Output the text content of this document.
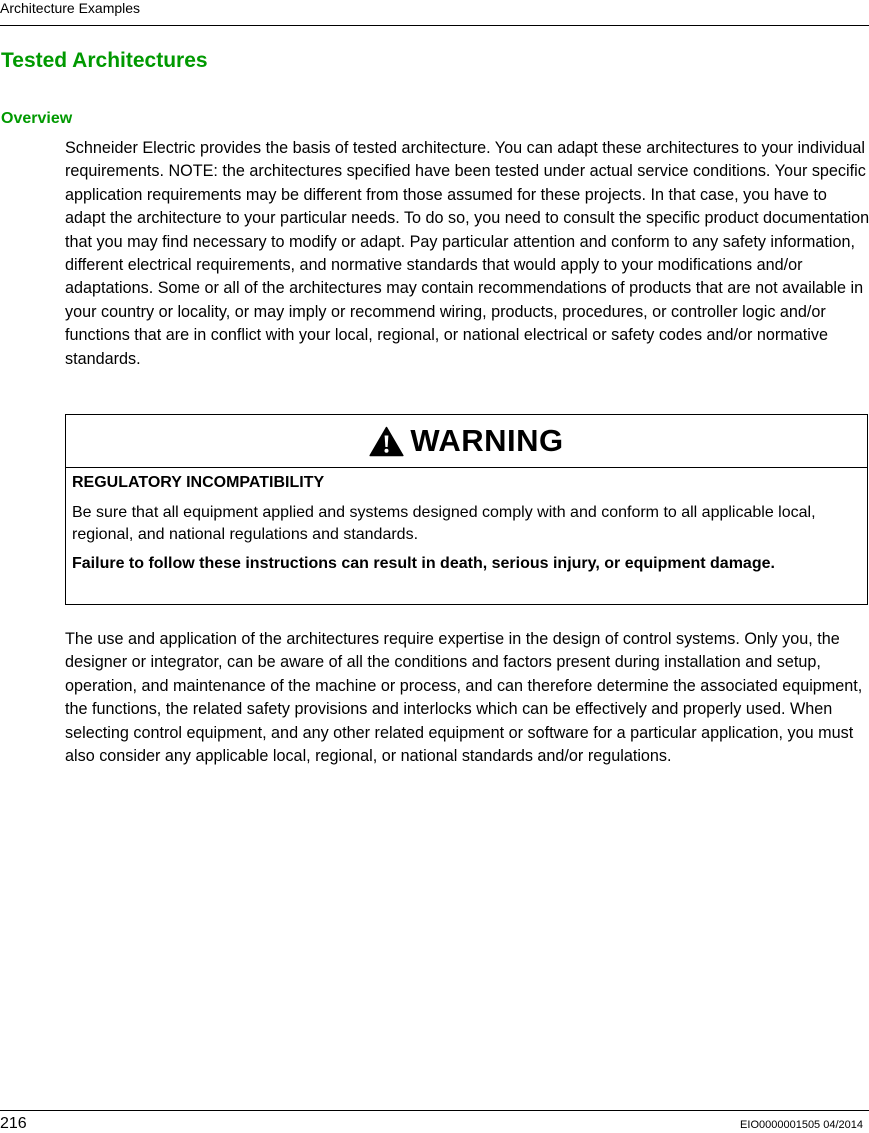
Architecture Examples
Tested Architectures
Overview

Schneider Electric provides the basis of tested architecture. You can adapt these architectures to your individual requirements. NOTE: the architectures specified have been tested under actual service conditions. Your specific application requirements may be different from those assumed for these projects. In that case, you have to adapt the architecture to your particular needs. To do so, you need to consult the specific product documentation that you may find necessary to modify or adapt. Pay particular attention and conform to any safety information, different electrical requirements, and normative standards that would apply to your modifications and/or adaptations. Some or all of the architectures may contain recommendations of products that are not available in your country or locality, or may imply or recommend wiring, products, procedures, or controller logic and/or functions that are in conflict with your local, regional, or national electrical or safety codes and/or normative standards.

WARNING

REGULATORY INCOMPATIBILITY

Be sure that all equipment applied and systems designed comply with and conform to all applicable local, regional, and national regulations and standards.

Failure to follow these instructions can result in death, serious injury, or equipment damage.

The use and application of the architectures require expertise in the design of control systems. Only you, the designer or integrator, can be aware of all the conditions and factors present during installation and setup, operation, and maintenance of the machine or process, and can therefore determine the associated equipment, the functions, the related safety provisions and interlocks which can be effectively and properly used. When selecting control equipment, and any other related equipment or software for a particular application, you must also consider any applicable local, regional, or national standards and/or regulations.

216	EIO0000001505 04/2014
